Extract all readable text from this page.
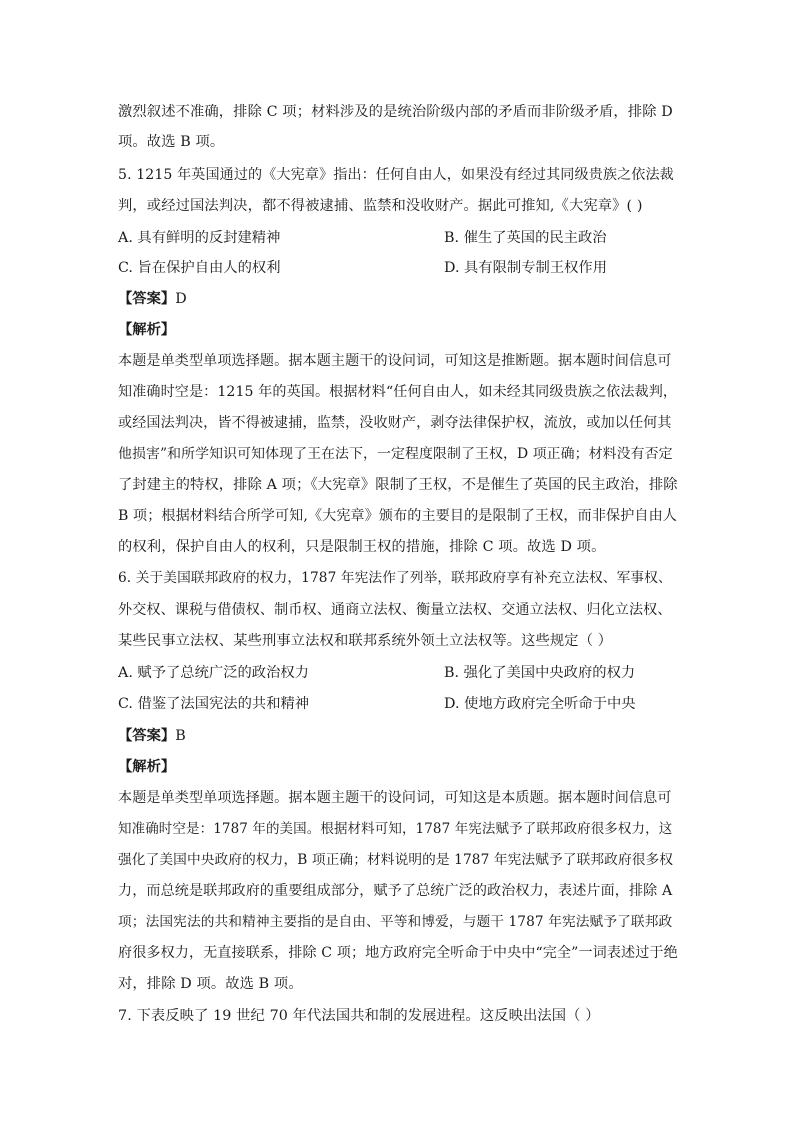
激烈叙述不准确，排除 C 项；材料涉及的是统治阶级内部的矛盾而非阶级矛盾，排除 D
项。故选 B 项。
5. 1215 年英国通过的《大宪章》指出：任何自由人，如果没有经过其同级贵族之依法裁
判，或经过国法判决，都不得被逮捕、监禁和没收财产。据此可推知,《大宪章》( )
A. 具有鲜明的反封建精神	B. 催生了英国的民主政治
C. 旨在保护自由人的权利	D. 具有限制专制王权作用
【答案】D
【解析】
本题是单类型单项选择题。据本题主题干的设问词，可知这是推断题。据本题时间信息可
知准确时空是：1215 年的英国。根据材料“任何自由人，如未经其同级贵族之依法裁判，
或经国法判决，皆不得被逮捕，监禁，没收财产，剥夺法律保护权，流放，或加以任何其
他损害”和所学知识可知体现了王在法下，一定程度限制了王权，D 项正确；材料没有否定
了封建主的特权，排除 A 项；《大宪章》限制了王权，不是催生了英国的民主政治，排除
B 项；根据材料结合所学可知,《大宪章》颁布的主要目的是限制了王权，而非保护自由人
的权利，保护自由人的权利，只是限制王权的措施，排除 C 项。故选 D 项。
6. 关于美国联邦政府的权力，1787 年宪法作了列举，联邦政府享有补充立法权、军事权、
外交权、课税与借债权、制币权、通商立法权、衡量立法权、交通立法权、归化立法权、
某些民事立法权、某些刑事立法权和联邦系统外领土立法权等。这些规定（ ）
A. 赋予了总统广泛的政治权力	B. 强化了美国中央政府的权力
C. 借鉴了法国宪法的共和精神	D. 使地方政府完全听命于中央
【答案】B
【解析】
本题是单类型单项选择题。据本题主题干的设问词，可知这是本质题。据本题时间信息可
知准确时空是：1787 年的美国。根据材料可知，1787 年宪法赋予了联邦政府很多权力，这
强化了美国中央政府的权力，B 项正确；材料说明的是 1787 年宪法赋予了联邦政府很多权
力，而总统是联邦政府的重要组成部分，赋予了总统广泛的政治权力，表述片面，排除 A
项；法国宪法的共和精神主要指的是自由、平等和博爱，与题干 1787 年宪法赋予了联邦政
府很多权力，无直接联系，排除 C 项；地方政府完全听命于中央中“完全”一词表述过于绝
对，排除 D 项。故选 B 项。
7. 下表反映了 19 世纪 70 年代法国共和制的发展进程。这反映出法国（ ）
